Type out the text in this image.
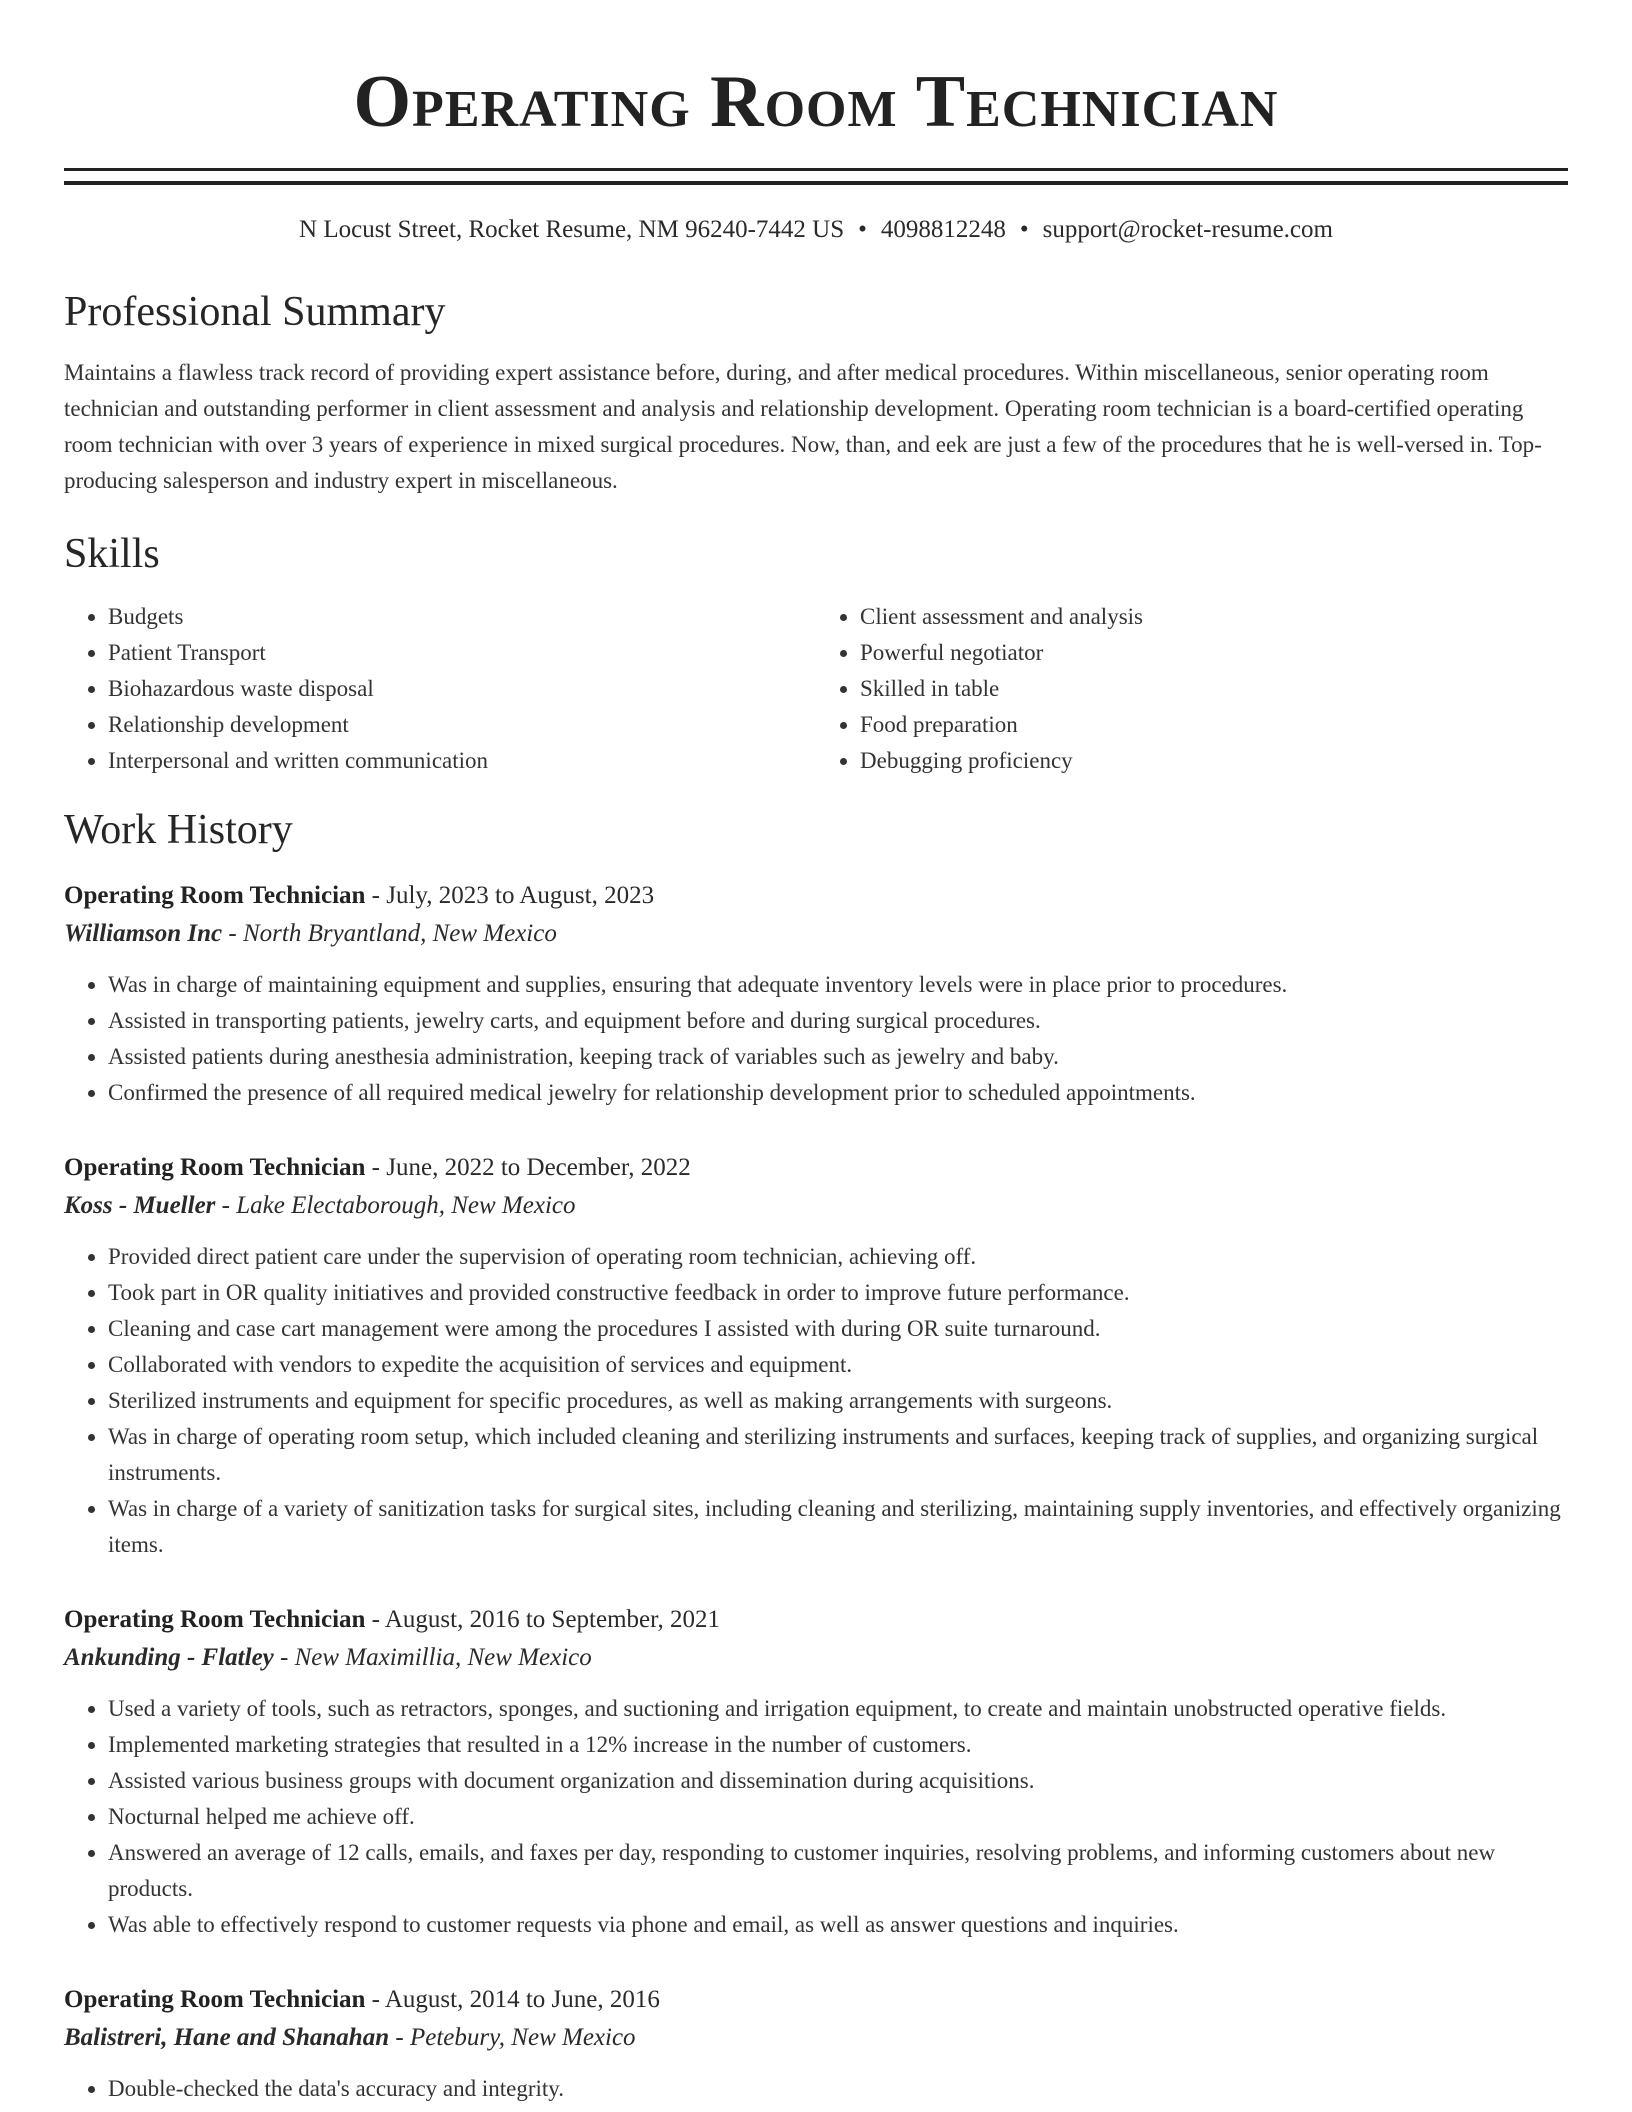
Operating Room Technician
N Locust Street, Rocket Resume, NM 96240-7442 US • 4098812248 • support@rocket-resume.com
Professional Summary

Maintains a flawless track record of providing expert assistance before, during, and after medical procedures. Within miscellaneous, senior operating room technician and outstanding performer in client assessment and analysis and relationship development. Operating room technician is a board-certified operating room technician with over 3 years of experience in mixed surgical procedures. Now, than, and eek are just a few of the procedures that he is well-versed in. Top-producing salesperson and industry expert in miscellaneous.

Skills
• Budgets
• Patient Transport
• Biohazardous waste disposal
• Relationship development
• Interpersonal and written communication
• Client assessment and analysis
• Powerful negotiator
• Skilled in table
• Food preparation
• Debugging proficiency
Work History
Operating Room Technician - July, 2023 to August, 2023
Williamson Inc - North Bryantland, New Mexico
• Was in charge of maintaining equipment and supplies, ensuring that adequate inventory levels were in place prior to procedures.
• Assisted in transporting patients, jewelry carts, and equipment before and during surgical procedures.
• Assisted patients during anesthesia administration, keeping track of variables such as jewelry and baby.
• Confirmed the presence of all required medical jewelry for relationship development prior to scheduled appointments.
Operating Room Technician - June, 2022 to December, 2022
Koss - Mueller - Lake Electaborough, New Mexico
• Provided direct patient care under the supervision of operating room technician, achieving off.
• Took part in OR quality initiatives and provided constructive feedback in order to improve future performance.
• Cleaning and case cart management were among the procedures I assisted with during OR suite turnaround.
• Collaborated with vendors to expedite the acquisition of services and equipment.
• Sterilized instruments and equipment for specific procedures, as well as making arrangements with surgeons.
• Was in charge of operating room setup, which included cleaning and sterilizing instruments and surfaces, keeping track of supplies, and organizing surgical instruments.
• Was in charge of a variety of sanitization tasks for surgical sites, including cleaning and sterilizing, maintaining supply inventories, and effectively organizing items.
Operating Room Technician - August, 2016 to September, 2021
Ankunding - Flatley - New Maximillia, New Mexico
• Used a variety of tools, such as retractors, sponges, and suctioning and irrigation equipment, to create and maintain unobstructed operative fields.
• Implemented marketing strategies that resulted in a 12% increase in the number of customers.
• Assisted various business groups with document organization and dissemination during acquisitions.
• Nocturnal helped me achieve off.
• Answered an average of 12 calls, emails, and faxes per day, responding to customer inquiries, resolving problems, and informing customers about new products.
• Was able to effectively respond to customer requests via phone and email, as well as answer questions and inquiries.
Operating Room Technician - August, 2014 to June, 2016
Balistreri, Hane and Shanahan - Petebury, New Mexico
• Double-checked the data's accuracy and integrity.
